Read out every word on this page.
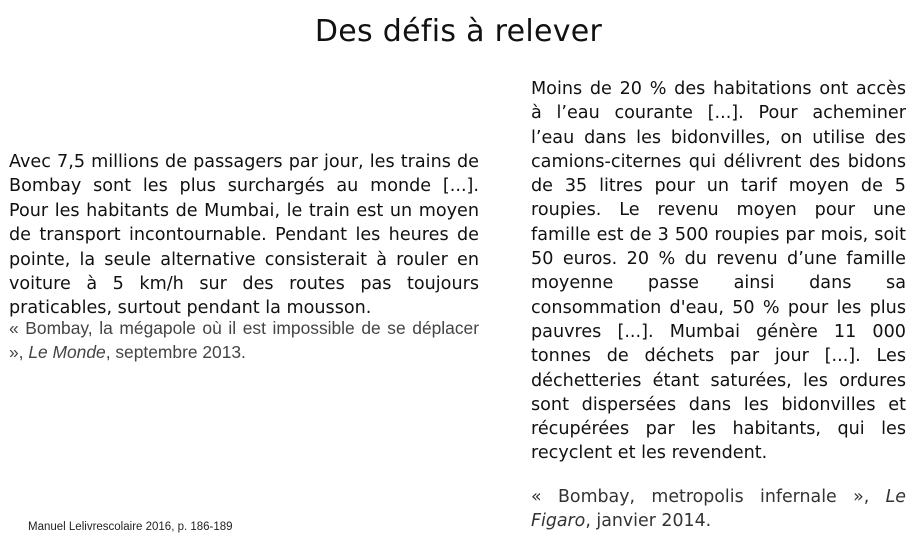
Des défis à relever

Avec 7,5 millions de passagers par jour, les trains de Bombay sont les plus surchargés au monde [...]. Pour les habitants de Mumbai, le train est un moyen de transport incontournable. Pendant les heures de pointe, la seule alternative consisterait à rouler en voiture à 5 km/h sur des routes pas toujours praticables, surtout pendant la mousson.

« Bombay, la mégapole où il est impossible de se déplacer », Le Monde, septembre 2013.

Moins de 20 % des habitations ont accès à l’eau courante [...]. Pour acheminer l’eau dans les bidonvilles, on utilise des camions-citernes qui délivrent des bidons de 35 litres pour un tarif moyen de 5 roupies. Le revenu moyen pour une famille est de 3 500 roupies par mois, soit 50 euros. 20 % du revenu d’une famille moyenne passe ainsi dans sa consommation d'eau, 50 % pour les plus pauvres [...]. Mumbai génère 11 000 tonnes de déchets par jour [...]. Les déchetteries étant saturées, les ordures sont dispersées dans les bidonvilles et récupérées par les habitants, qui les recyclent et les revendent.

« Bombay, metropolis infernale », Le Figaro, janvier 2014.

Manuel Lelivrescolaire 2016, p. 186-189
